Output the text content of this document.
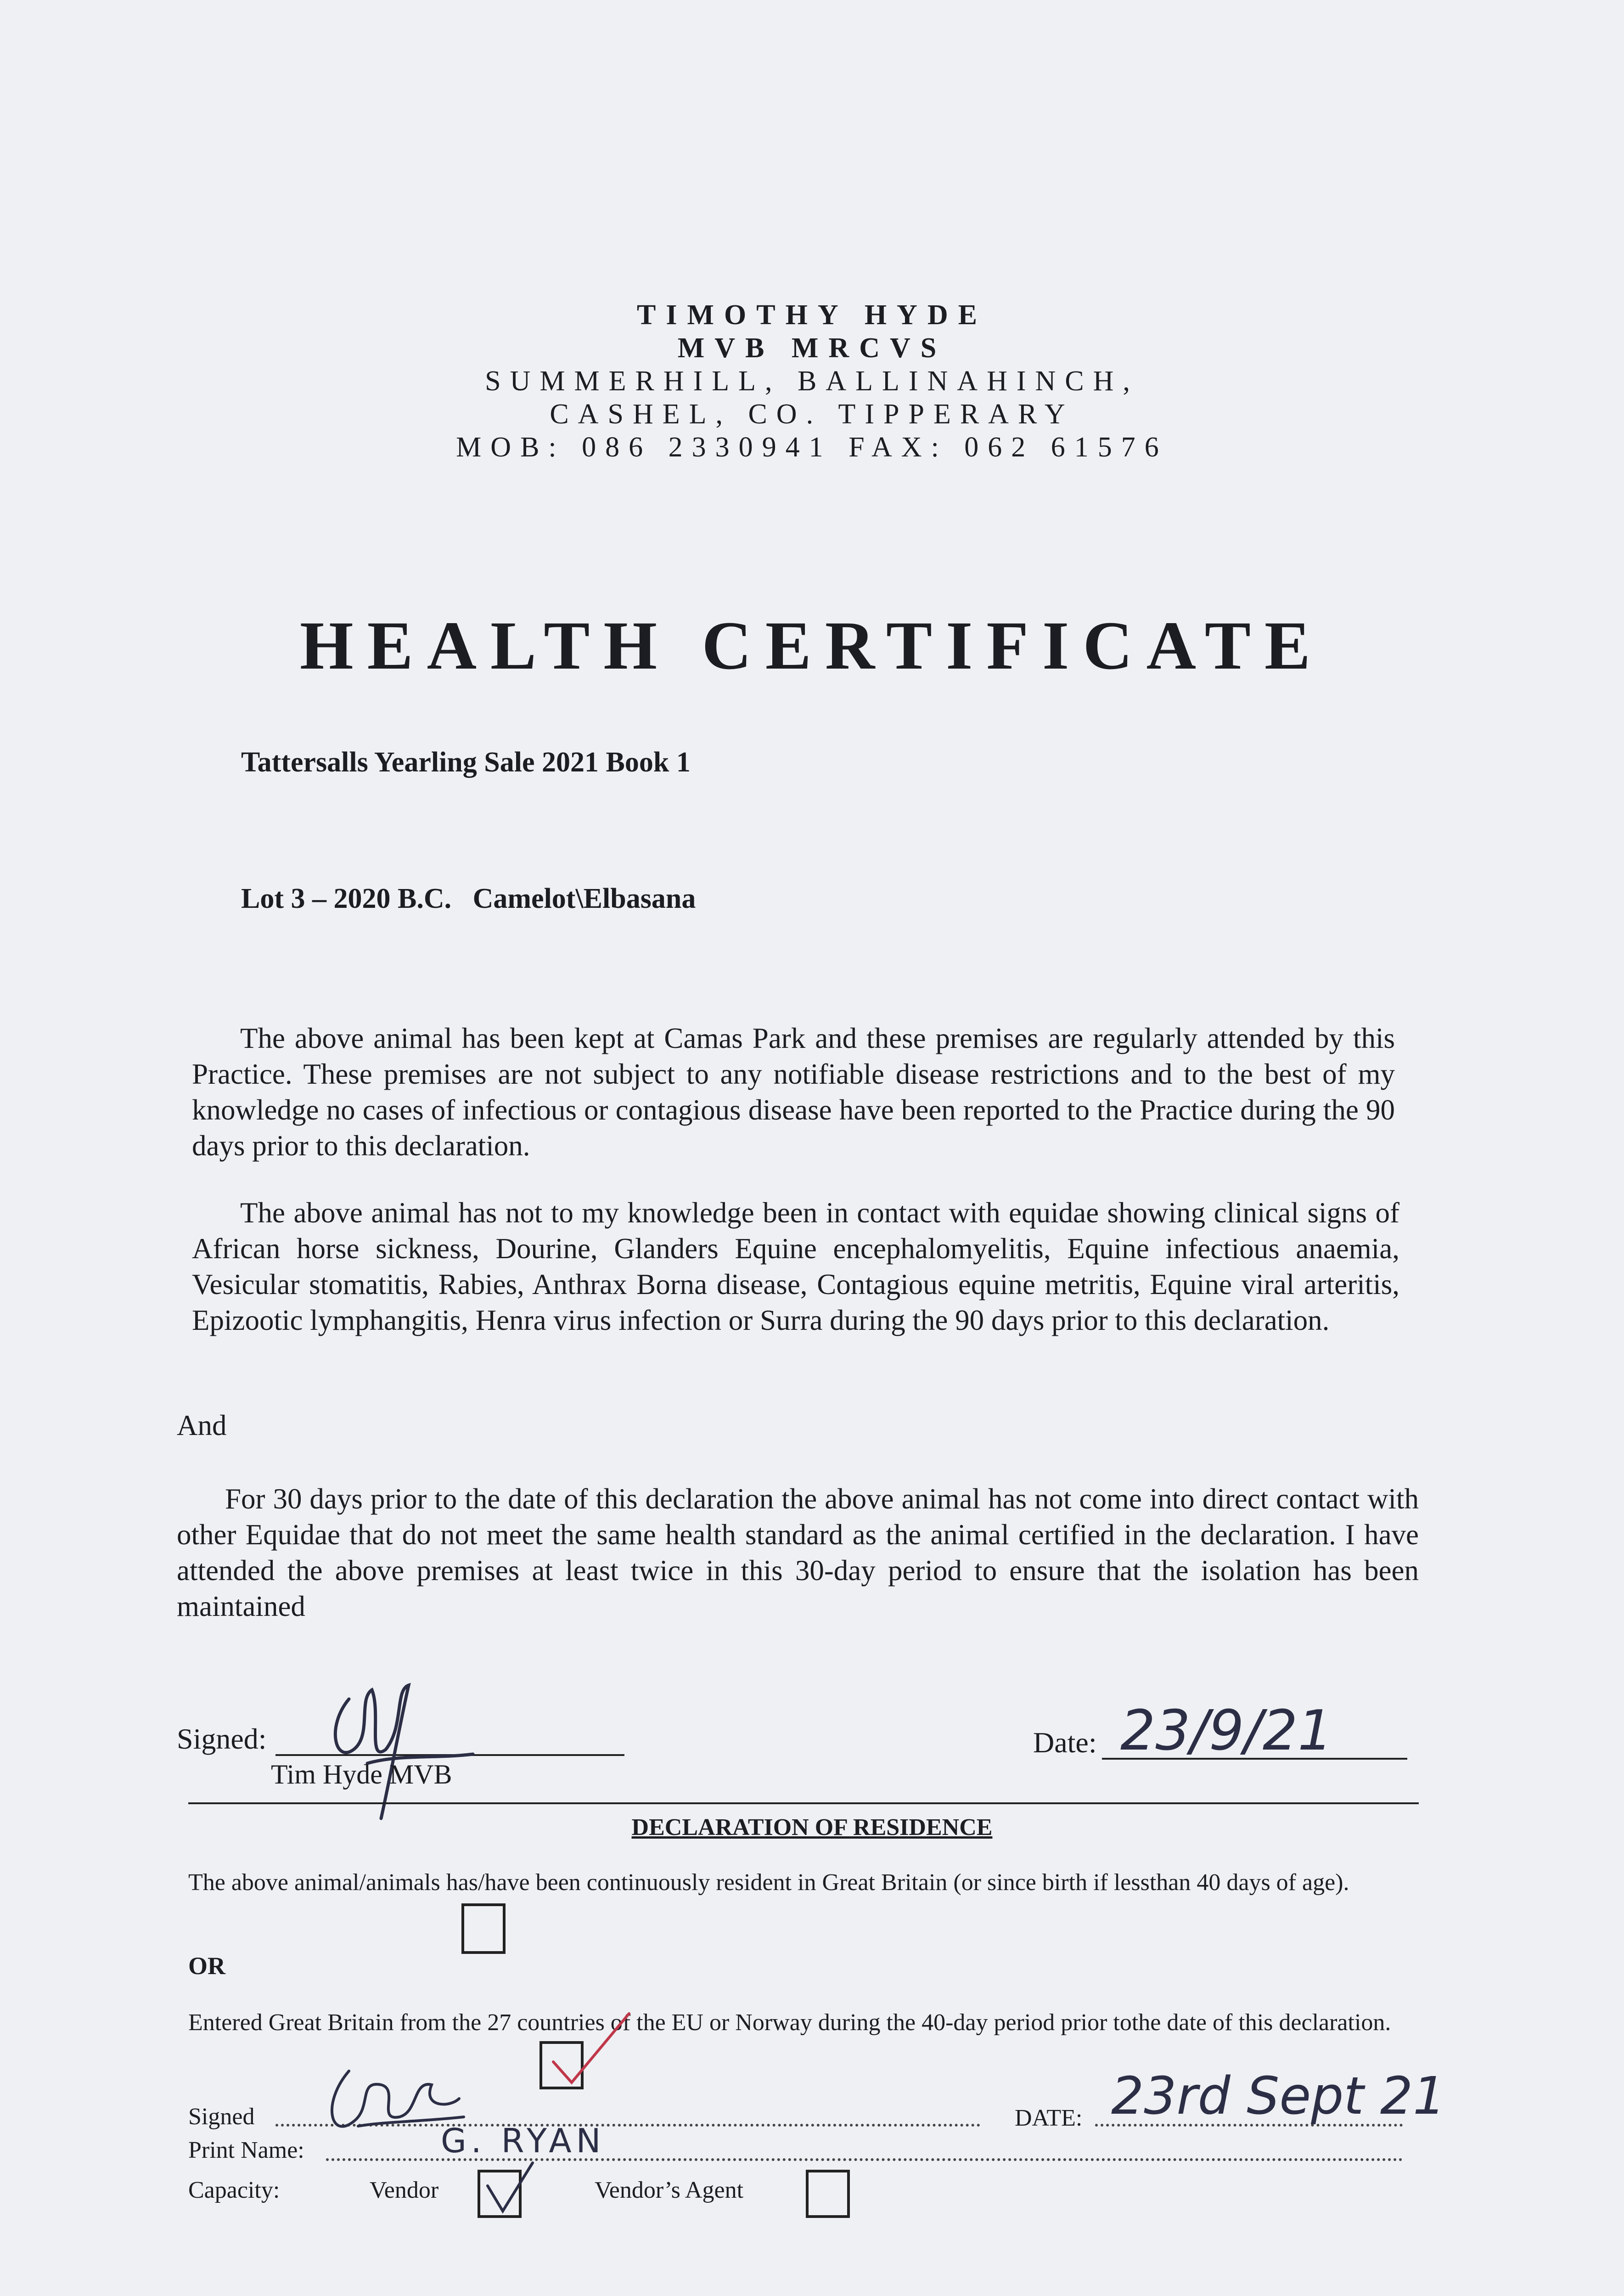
TIMOTHY HYDE
MVB MRCVS
SUMMERHILL, BALLINAHINCH,
CASHEL, CO. TIPPERARY
MOB: 086 2330941 FAX: 062 61576
HEALTH CERTIFICATE
Tattersalls Yearling Sale 2021 Book 1
Lot 3 – 2020 B.C.   Camelot\Elbasana
The above animal has been kept at Camas Park and these premises are regularly attended by this Practice. These premises are not subject to any notifiable disease restrictions and to the best of my knowledge no cases of infectious or contagious disease have been reported to the Practice during the 90 days prior to this declaration.
The above animal has not to my knowledge been in contact with equidae showing clinical signs of African horse sickness, Dourine, Glanders Equine encephalomyelitis, Equine infectious anaemia, Vesicular stomatitis, Rabies, Anthrax Borna disease, Contagious equine metritis, Equine viral arteritis, Epizootic lymphangitis, Henra virus infection or Surra during the 90 days prior to this declaration.
And
For 30 days prior to the date of this declaration the above animal has not come into direct contact with other Equidae that do not meet the same health standard as the animal certified in the declaration. I have attended the above premises at least twice in this 30-day period to ensure that the isolation has been maintained
Signed:
Tim Hyde MVB
Date: 23/9/21
DECLARATION OF RESIDENCE
The above animal/animals has/have been continuously resident in Great Britain (or since birth if lessthan 40 days of age).
OR
Entered Great Britain from the 27 countries of the EU or Norway during the 40-day period prior tothe date of this declaration.
Signed	DATE: 23rd Sept 21
Print Name:	G. RYAN
Capacity:	Vendor	Vendor’s Agent
